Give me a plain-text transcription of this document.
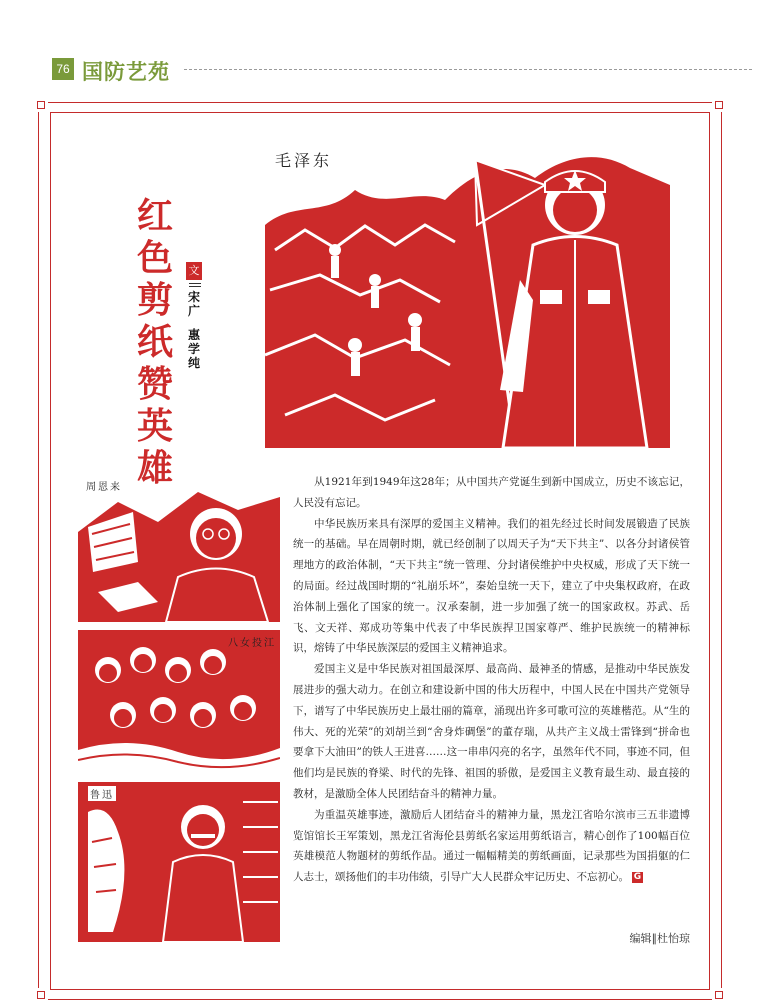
76 国防艺苑
红
色
剪
纸
赞
英
雄
文
宋
广
惠
学
纯
毛泽东
周恩来
八女投江
鲁迅

从1921年到1949年这28年；从中国共产党诞生到新中国成立，历史不该忘记，人民没有忘记。

中华民族历来具有深厚的爱国主义精神。我们的祖先经过长时间发展锻造了民族统一的基础。早在周朝时期，就已经创制了以周天子为“天下共主”、以各分封诸侯管理地方的政治体制，“天下共主”统一管理、分封诸侯维护中央权威，形成了天下统一的局面。经过战国时期的“礼崩乐坏”，秦始皇统一天下，建立了中央集权政府，在政治体制上强化了国家的统一。汉承秦制，进一步加强了统一的国家政权。苏武、岳飞、文天祥、郑成功等集中代表了中华民族捍卫国家尊严、维护民族统一的精神标识，熔铸了中华民族深层的爱国主义精神追求。

爱国主义是中华民族对祖国最深厚、最高尚、最神圣的情感，是推动中华民族发展进步的强大动力。在创立和建设新中国的伟大历程中，中国人民在中国共产党领导下，谱写了中华民族历史上最壮丽的篇章，涌现出许多可歌可泣的英雄楷范。从“生的伟大、死的光荣”的刘胡兰到“舍身炸碉堡”的董存瑞，从共产主义战士雷锋到“拼命也要拿下大油田”的铁人王进喜……这一串串闪亮的名字，虽然年代不同，事迹不同，但他们均是民族的脊梁、时代的先锋、祖国的骄傲，是爱国主义教育最生动、最直接的教材，是激励全体人民团结奋斗的精神力量。

为重温英雄事迹，激励后人团结奋斗的精神力量，黑龙江省哈尔滨市三五非遗博览馆馆长王军策划，黑龙江省海伦县剪纸名家运用剪纸语言，精心创作了100幅百位英雄模范人物题材的剪纸作品。通过一幅幅精美的剪纸画面，记录那些为国捐躯的仁人志士，颂扬他们的丰功伟绩，引导广大人民群众牢记历史、不忘初心。 G

编辑∥杜怡琼
